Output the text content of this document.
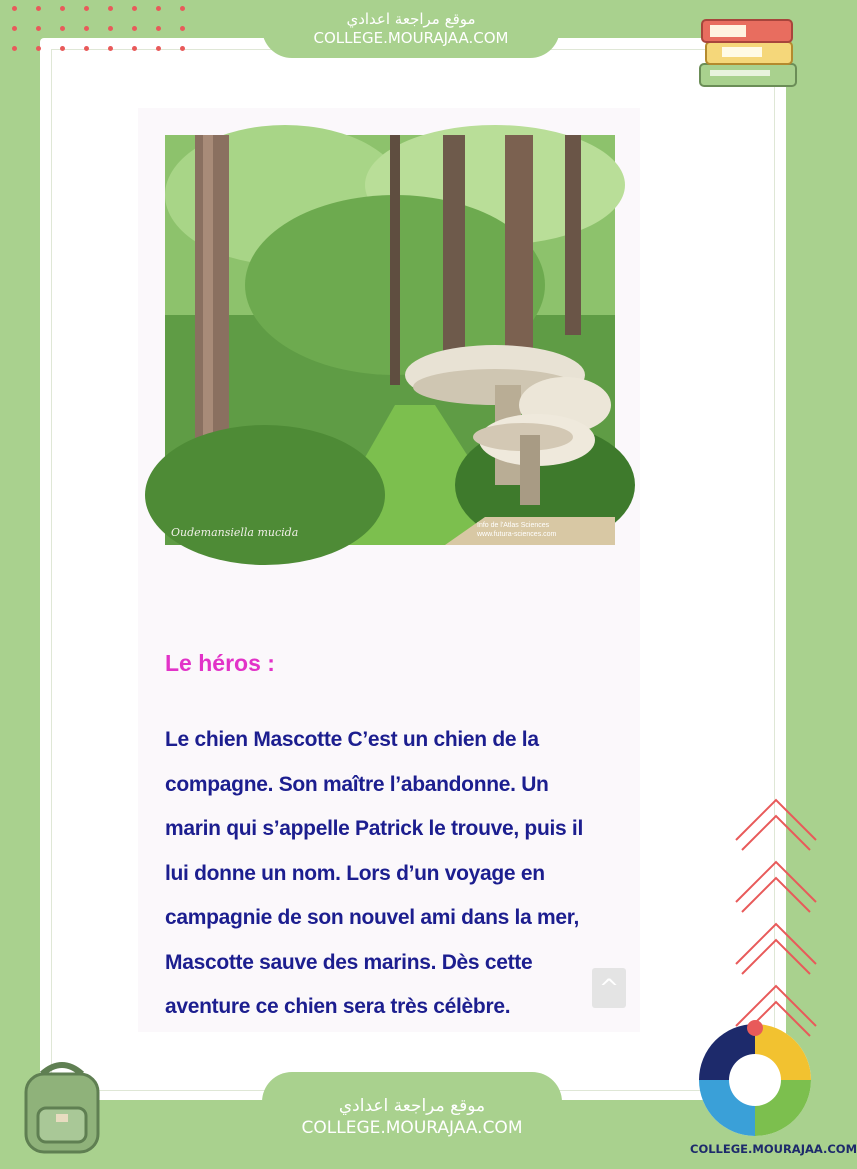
موقع مراجعة اعدادي
COLLEGE.MOURAJAA.COM
Oudemansiella mucida
Info de l'Atlas Sciences
www.futura-sciences.com
Le héros :

Le chien Mascotte C’est un chien de la
compagne. Son maître l’abandonne. Un
marin qui s’appelle Patrick le trouve, puis il
lui donne un nom. Lors d’un voyage en
campagnie de son nouvel ami dans la mer,
Mascotte sauve des marins. Dès cette
aventure ce chien sera très célèbre.

^
موقع مراجعة اعدادي
COLLEGE.MOURAJAA.COM
COLLEGE.MOURAJAA.COM
